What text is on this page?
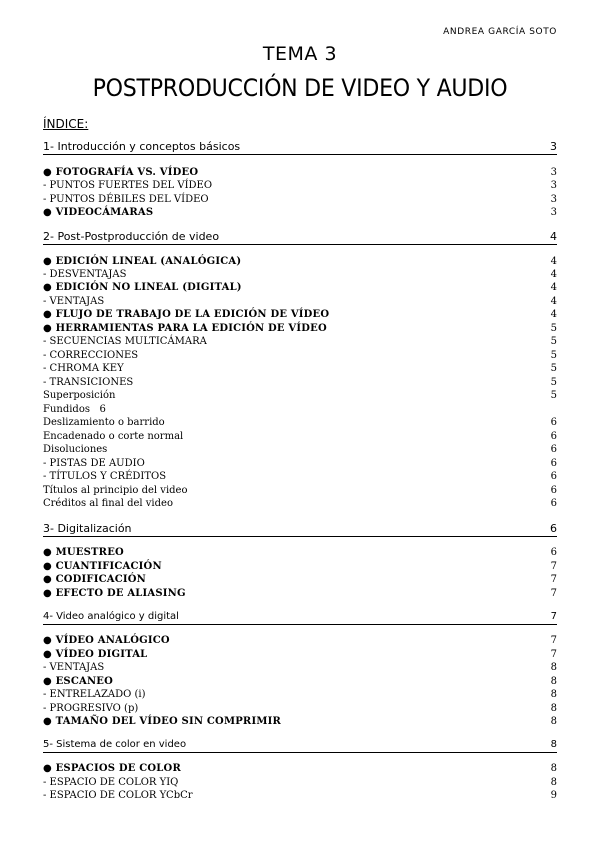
ANDREA GARCÍA SOTO
TEMA 3
POSTPRODUCCIÓN DE VIDEO Y AUDIO
ÍNDICE:
1- Introducción y conceptos básicos	3
● FOTOGRAFÍA VS. VÍDEO	3
- PUNTOS FUERTES DEL VÍDEO	3
- PUNTOS DÉBILES DEL VÍDEO	3
● VIDEOCÁMARAS	3
2- Post-Postproducción de video	4
● EDICIÓN LINEAL (ANALÓGICA)	4
- DESVENTAJAS	4
● EDICIÓN NO LINEAL (DIGITAL)	4
- VENTAJAS	4
● FLUJO DE TRABAJO DE LA EDICIÓN DE VÍDEO	4
● HERRAMIENTAS PARA LA EDICIÓN DE VÍDEO	5
- SECUENCIAS MULTICÁMARA	5
- CORRECCIONES	5
- CHROMA KEY	5
- TRANSICIONES	5
Superposición	5
Fundidos   6
Deslizamiento o barrido	6
Encadenado o corte normal	6
Disoluciones	6
- PISTAS DE AUDIO	6
- TÍTULOS Y CRÉDITOS	6
Títulos al principio del video	6
Créditos al final del video	6
3- Digitalización	6
● MUESTREO	6
● CUANTIFICACIÓN	7
● CODIFICACIÓN	7
● EFECTO DE ALIASING	7
4- Video analógico y digital	7
● VÍDEO ANALÓGICO	7
● VÍDEO DIGITAL	7
- VENTAJAS	8
● ESCANEO	8
- ENTRELAZADO (i)	8
- PROGRESIVO (p)	8
● TAMAÑO DEL VÍDEO SIN COMPRIMIR	8
5- Sistema de color en video	8
● ESPACIOS DE COLOR	8
- ESPACIO DE COLOR YIQ	8
- ESPACIO DE COLOR YCbCr	9
